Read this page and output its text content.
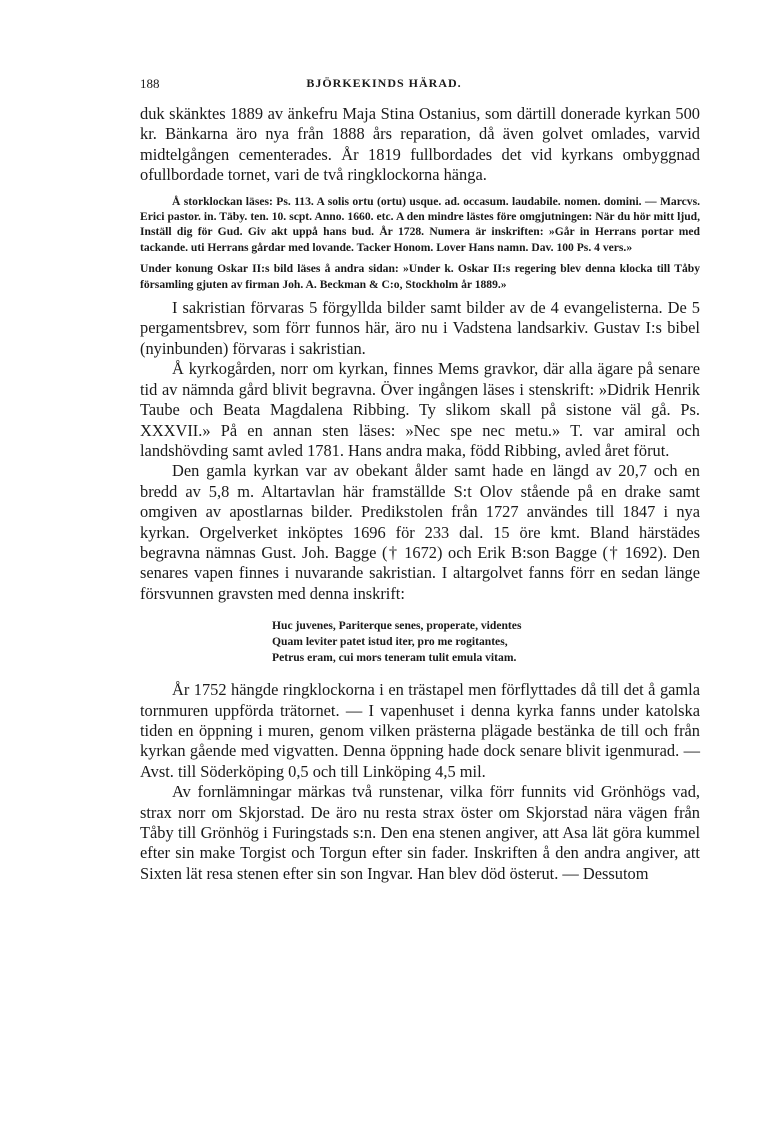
188	BJÖRKEKINDS HÄRAD.

duk skänktes 1889 av änkefru Maja Stina Ostanius, som därtill donerade kyrkan 500 kr. Bänkarna äro nya från 1888 års reparation, då även golvet omlades, varvid midtelgången cementerades. År 1819 fullbordades det vid kyrkans ombyggnad ofullbordade tornet, vari de två ringklockorna hänga.

Å storklockan läses: Ps. 113. A solis ortu (ortu) usque. ad. occasum. laudabile. nomen. domini. — Marcvs. Erici pastor. in. Täby. ten. 10. scpt. Anno. 1660. etc. A den mindre lästes före omgjutningen: När du hör mitt ljud, Inställ dig för Gud. Giv akt uppå hans bud. År 1728. Numera är inskriften: »Går in Herrans portar med tackande. uti Herrans gårdar med lovande. Tacker Honom. Lover Hans namn. Dav. 100 Ps. 4 vers.»

Under konung Oskar II:s bild läses å andra sidan: »Under k. Oskar II:s regering blev denna klocka till Tåby församling gjuten av firman Joh. A. Beckman & C:o, Stockholm år 1889.»

I sakristian förvaras 5 förgyllda bilder samt bilder av de 4 evangelisterna. De 5 pergamentsbrev, som förr funnos här, äro nu i Vadstena landsarkiv. Gustav I:s bibel (nyinbunden) förvaras i sakristian.

Å kyrkogården, norr om kyrkan, finnes Mems gravkor, där alla ägare på senare tid av nämnda gård blivit begravna. Över ingången läses i stenskrift: »Didrik Henrik Taube och Beata Magdalena Ribbing. Ty slikom skall på sistone väl gå. Ps. XXXVII.» På en annan sten läses: »Nec spe nec metu.» T. var amiral och landshövding samt avled 1781. Hans andra maka, född Ribbing, avled året förut.

Den gamla kyrkan var av obekant ålder samt hade en längd av 20,7 och en bredd av 5,8 m. Altartavlan här framställde S:t Olov stående på en drake samt omgiven av apostlarnas bilder. Predikstolen från 1727 användes till 1847 i nya kyrkan. Orgelverket inköptes 1696 för 233 dal. 15 öre kmt. Bland härstädes begravna nämnas Gust. Joh. Bagge († 1672) och Erik B:son Bagge († 1692). Den senares vapen finnes i nuvarande sakristian. I altargolvet fanns förr en sedan länge försvunnen gravsten med denna inskrift:

Huc juvenes, Pariterque senes, properate, videntes
Quam leviter patet istud iter, pro me rogitantes,
Petrus eram, cui mors teneram tulit emula vitam.

År 1752 hängde ringklockorna i en trästapel men förflyttades då till det å gamla tornmuren uppförda trätornet. — I vapenhuset i denna kyrka fanns under katolska tiden en öppning i muren, genom vilken prästerna plägade bestänka de till och från kyrkan gående med vigvatten. Denna öppning hade dock senare blivit igenmurad. — Avst. till Söderköping 0,5 och till Linköping 4,5 mil.

Av fornlämningar märkas två runstenar, vilka förr funnits vid Grönhögs vad, strax norr om Skjorstad. De äro nu resta strax öster om Skjorstad nära vägen från Tåby till Grönhög i Furingstads s:n. Den ena stenen angiver, att Asa lät göra kummel efter sin make Torgist och Torgun efter sin fader. Inskriften å den andra angiver, att Sixten lät resa stenen efter sin son Ingvar. Han blev död österut. — Dessutom
